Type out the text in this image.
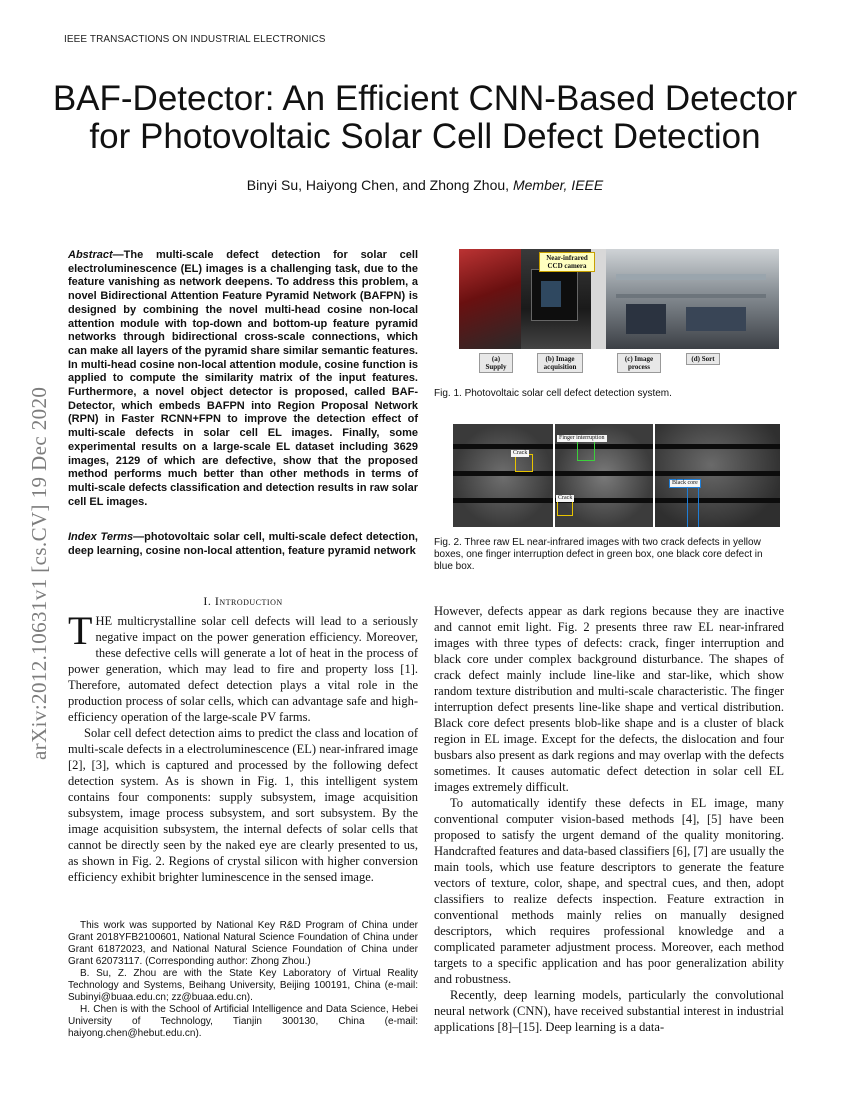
IEEE TRANSACTIONS ON INDUSTRIAL ELECTRONICS
BAF-Detector: An Efficient CNN-Based Detector for Photovoltaic Solar Cell Defect Detection
Binyi Su, Haiyong Chen, and Zhong Zhou, Member, IEEE
arXiv:2012.10631v1 [cs.CV] 19 Dec 2020
Abstract—The multi-scale defect detection for solar cell electroluminescence (EL) images is a challenging task, due to the feature vanishing as network deepens. To address this problem, a novel Bidirectional Attention Feature Pyramid Network (BAFPN) is designed by combining the novel multi-head cosine non-local attention module with top-down and bottom-up feature pyramid networks through bidirectional cross-scale connections, which can make all layers of the pyramid share similar semantic features. In multi-head cosine non-local attention module, cosine function is applied to compute the similarity matrix of the input features. Furthermore, a novel object detector is proposed, called BAF-Detector, which embeds BAFPN into Region Proposal Network (RPN) in Faster RCNN+FPN to improve the detection effect of multi-scale defects in solar cell EL images. Finally, some experimental results on a large-scale EL dataset including 3629 images, 2129 of which are defective, show that the proposed method performs much better than other methods in terms of multi-scale defects classification and detection results in raw solar cell EL images.
Index Terms—photovoltaic solar cell, multi-scale defect detection, deep learning, cosine non-local attention, feature pyramid network
I. Introduction

THE multicrystalline solar cell defects will lead to a seriously negative impact on the power generation efficiency. Moreover, these defective cells will generate a lot of heat in the process of power generation, which may lead to fire and property loss [1]. Therefore, automated defect detection plays a vital role in the production process of solar cells, which can advantage safe and high-efficiency operation of the large-scale PV farms.

Solar cell defect detection aims to predict the class and location of multi-scale defects in a electroluminescence (EL) near-infrared image [2], [3], which is captured and processed by the following defect detection system. As is shown in Fig. 1, this intelligent system contains four components: supply subsystem, image acquisition subsystem, image process subsystem, and sort subsystem. By the image acquisition subsystem, the internal defects of solar cells that cannot be directly seen by the naked eye are clearly presented to us, as shown in Fig. 2. Regions of crystal silicon with higher conversion efficiency exhibit brighter luminescence in the sensed image.

This work was supported by National Key R&D Program of China under Grant 2018YFB2100601, National Natural Science Foundation of China under Grant 61872023, and National Natural Science Foundation of China under Grant 62073117. (Corresponding author: Zhong Zhou.)

B. Su, Z. Zhou are with the State Key Laboratory of Virtual Reality Technology and Systems, Beihang University, Beijing 100191, China (e-mail: Subinyi@buaa.edu.cn; zz@buaa.edu.cn).

H. Chen is with the School of Artificial Intelligence and Data Science, Hebei University of Technology, Tianjin 300130, China (e-mail: haiyong.chen@hebut.edu.cn).

Near-infrared CCD camera
(a) Supply
(b) Image acquisition
(c) Image process
(d) Sort
Fig. 1. Photovoltaic solar cell defect detection system.
Crack
Finger interruption
Crack
Black core
Fig. 2. Three raw EL near-infrared images with two crack defects in yellow boxes, one finger interruption defect in green box, one black core defect in blue box.

However, defects appear as dark regions because they are inactive and cannot emit light. Fig. 2 presents three raw EL near-infrared images with three types of defects: crack, finger interruption and black core under complex background disturbance. The shapes of crack defect mainly include line-like and star-like, which show random texture distribution and multi-scale characteristic. The finger interruption defect presents line-like shape and vertical distribution. Black core defect presents blob-like shape and is a cluster of black region in EL image. Except for the defects, the dislocation and four busbars also present as dark regions and may overlap with the defects sometimes. It causes automatic defect detection in solar cell EL images extremely difficult.

To automatically identify these defects in EL image, many conventional computer vision-based methods [4], [5] have been proposed to satisfy the urgent demand of the quality monitoring. Handcrafted features and data-based classifiers [6], [7] are usually the main tools, which use feature descriptors to generate the feature vectors of texture, color, shape, and spectral cues, and then, adopt classifiers to realize defects inspection. Feature extraction in conventional methods mainly relies on manually designed descriptors, which requires professional knowledge and a complicated parameter adjustment process. Moreover, each method targets to a specific application and has poor generalization ability and robustness.

Recently, deep learning models, particularly the convolutional neural network (CNN), have received substantial interest in industrial applications [8]–[15]. Deep learning is a data-
